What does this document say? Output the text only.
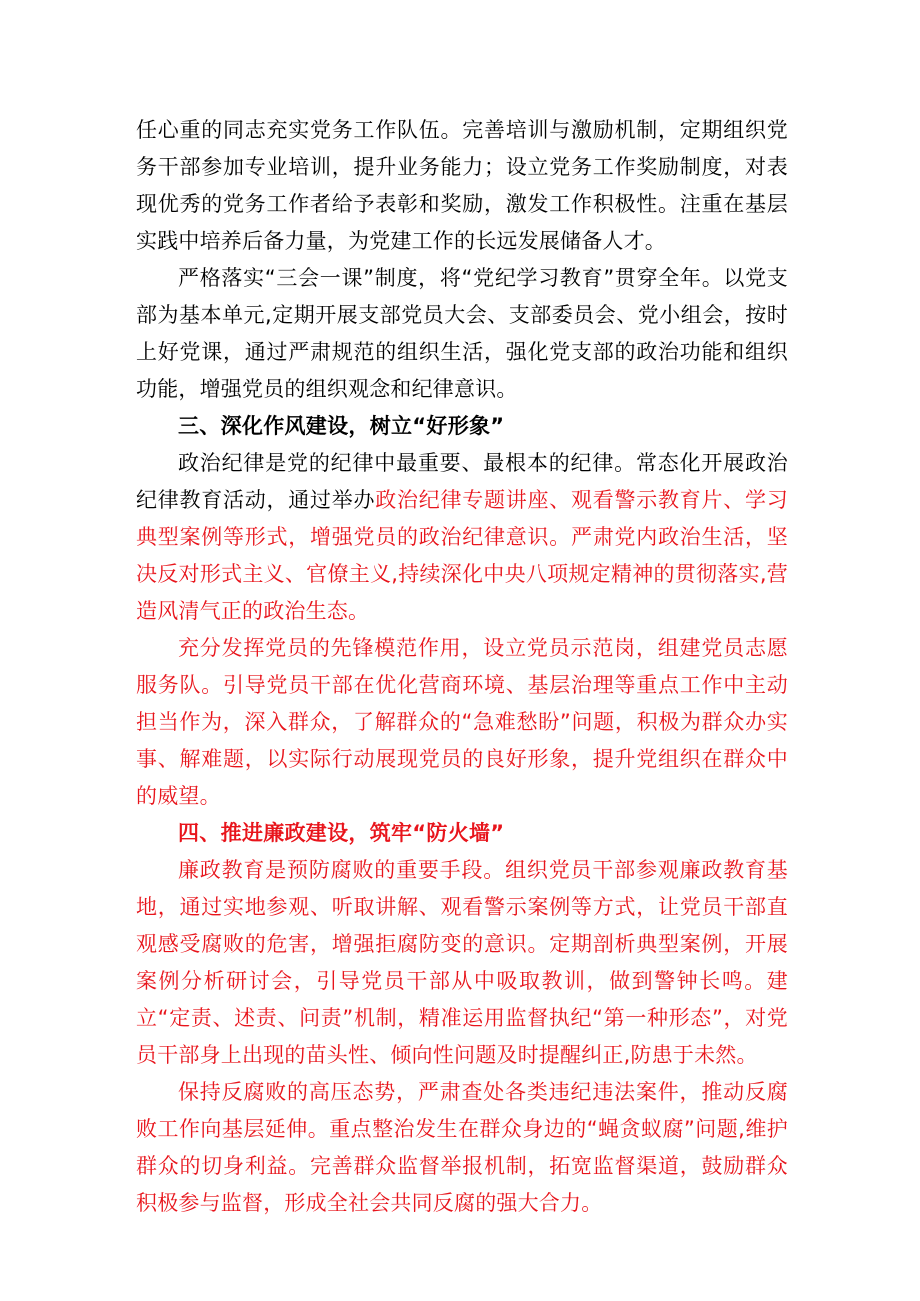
任心重的同志充实党务工作队伍。完善培训与激励机制，定期组织党务干部参加专业培训，提升业务能力；设立党务工作奖励制度，对表现优秀的党务工作者给予表彰和奖励，激发工作积极性。注重在基层实践中培养后备力量，为党建工作的长远发展储备人才。

严格落实“三会一课”制度，将“党纪学习教育”贯穿全年。以党支部为基本单元,定期开展支部党员大会、支部委员会、党小组会，按时上好党课，通过严肃规范的组织生活，强化党支部的政治功能和组织功能，增强党员的组织观念和纪律意识。

三、深化作风建设，树立“好形象”

政治纪律是党的纪律中最重要、最根本的纪律。常态化开展政治纪律教育活动，通过举办政治纪律专题讲座、观看警示教育片、学习典型案例等形式，增强党员的政治纪律意识。严肃党内政治生活，坚决反对形式主义、官僚主义,持续深化中央八项规定精神的贯彻落实,营造风清气正的政治生态。

充分发挥党员的先锋模范作用，设立党员示范岗，组建党员志愿服务队。引导党员干部在优化营商环境、基层治理等重点工作中主动担当作为，深入群众，了解群众的“急难愁盼”问题，积极为群众办实事、解难题，以实际行动展现党员的良好形象，提升党组织在群众中的威望。

四、推进廉政建设，筑牢“防火墙”

廉政教育是预防腐败的重要手段。组织党员干部参观廉政教育基地，通过实地参观、听取讲解、观看警示案例等方式，让党员干部直观感受腐败的危害，增强拒腐防变的意识。定期剖析典型案例，开展案例分析研讨会，引导党员干部从中吸取教训，做到警钟长鸣。建立“定责、述责、问责”机制，精准运用监督执纪“第一种形态”，对党员干部身上出现的苗头性、倾向性问题及时提醒纠正,防患于未然。

保持反腐败的高压态势，严肃查处各类违纪违法案件，推动反腐败工作向基层延伸。重点整治发生在群众身边的“蝇贪蚁腐”问题,维护群众的切身利益。完善群众监督举报机制，拓宽监督渠道，鼓励群众积极参与监督，形成全社会共同反腐的强大合力。
